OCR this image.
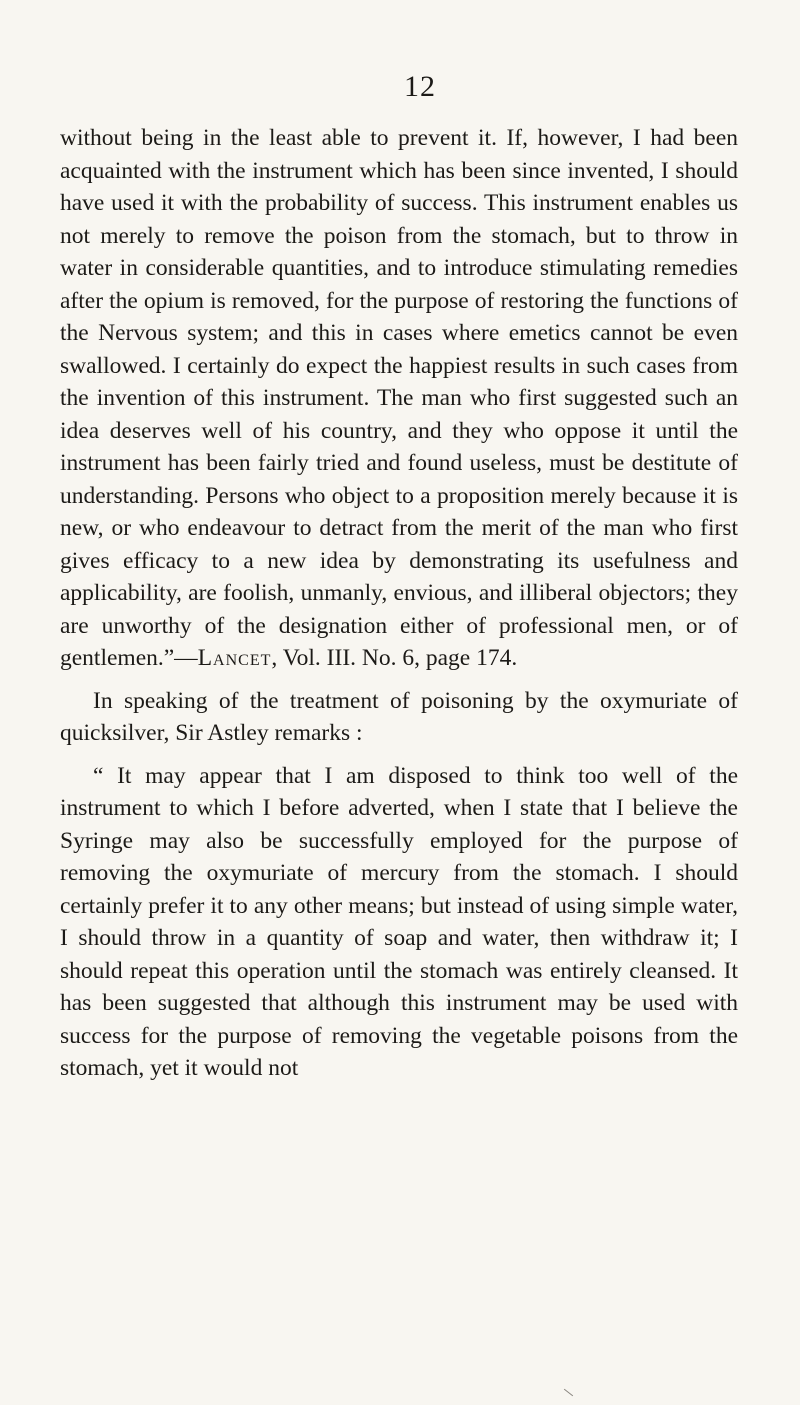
12

without being in the least able to prevent it. If, however, I had been acquainted with the instrument which has been since invented, I should have used it with the probability of success. This instrument enables us not merely to remove the poison from the stomach, but to throw in water in considerable quantities, and to introduce stimulating remedies after the opium is removed, for the purpose of restoring the functions of the Nervous system; and this in cases where emetics cannot be even swallowed. I certainly do expect the happiest results in such cases from the invention of this instrument. The man who first suggested such an idea deserves well of his country, and they who oppose it until the instrument has been fairly tried and found useless, must be destitute of understanding. Persons who object to a proposition merely because it is new, or who endeavour to detract from the merit of the man who first gives efficacy to a new idea by demonstrating its usefulness and applicability, are foolish, unmanly, envious, and illiberal objectors; they are unworthy of the designation either of professional men, or of gentlemen.”—Lancet, Vol. III. No. 6, page 174.

In speaking of the treatment of poisoning by the oxymuriate of quicksilver, Sir Astley remarks :

“ It may appear that I am disposed to think too well of the instrument to which I before adverted, when I state that I believe the Syringe may also be successfully employed for the purpose of removing the oxymuriate of mercury from the stomach. I should certainly prefer it to any other means; but instead of using simple water, I should throw in a quantity of soap and water, then withdraw it; I should repeat this operation until the stomach was entirely cleansed. It has been suggested that although this instrument may be used with success for the purpose of removing the vegetable poisons from the stomach, yet it would not
